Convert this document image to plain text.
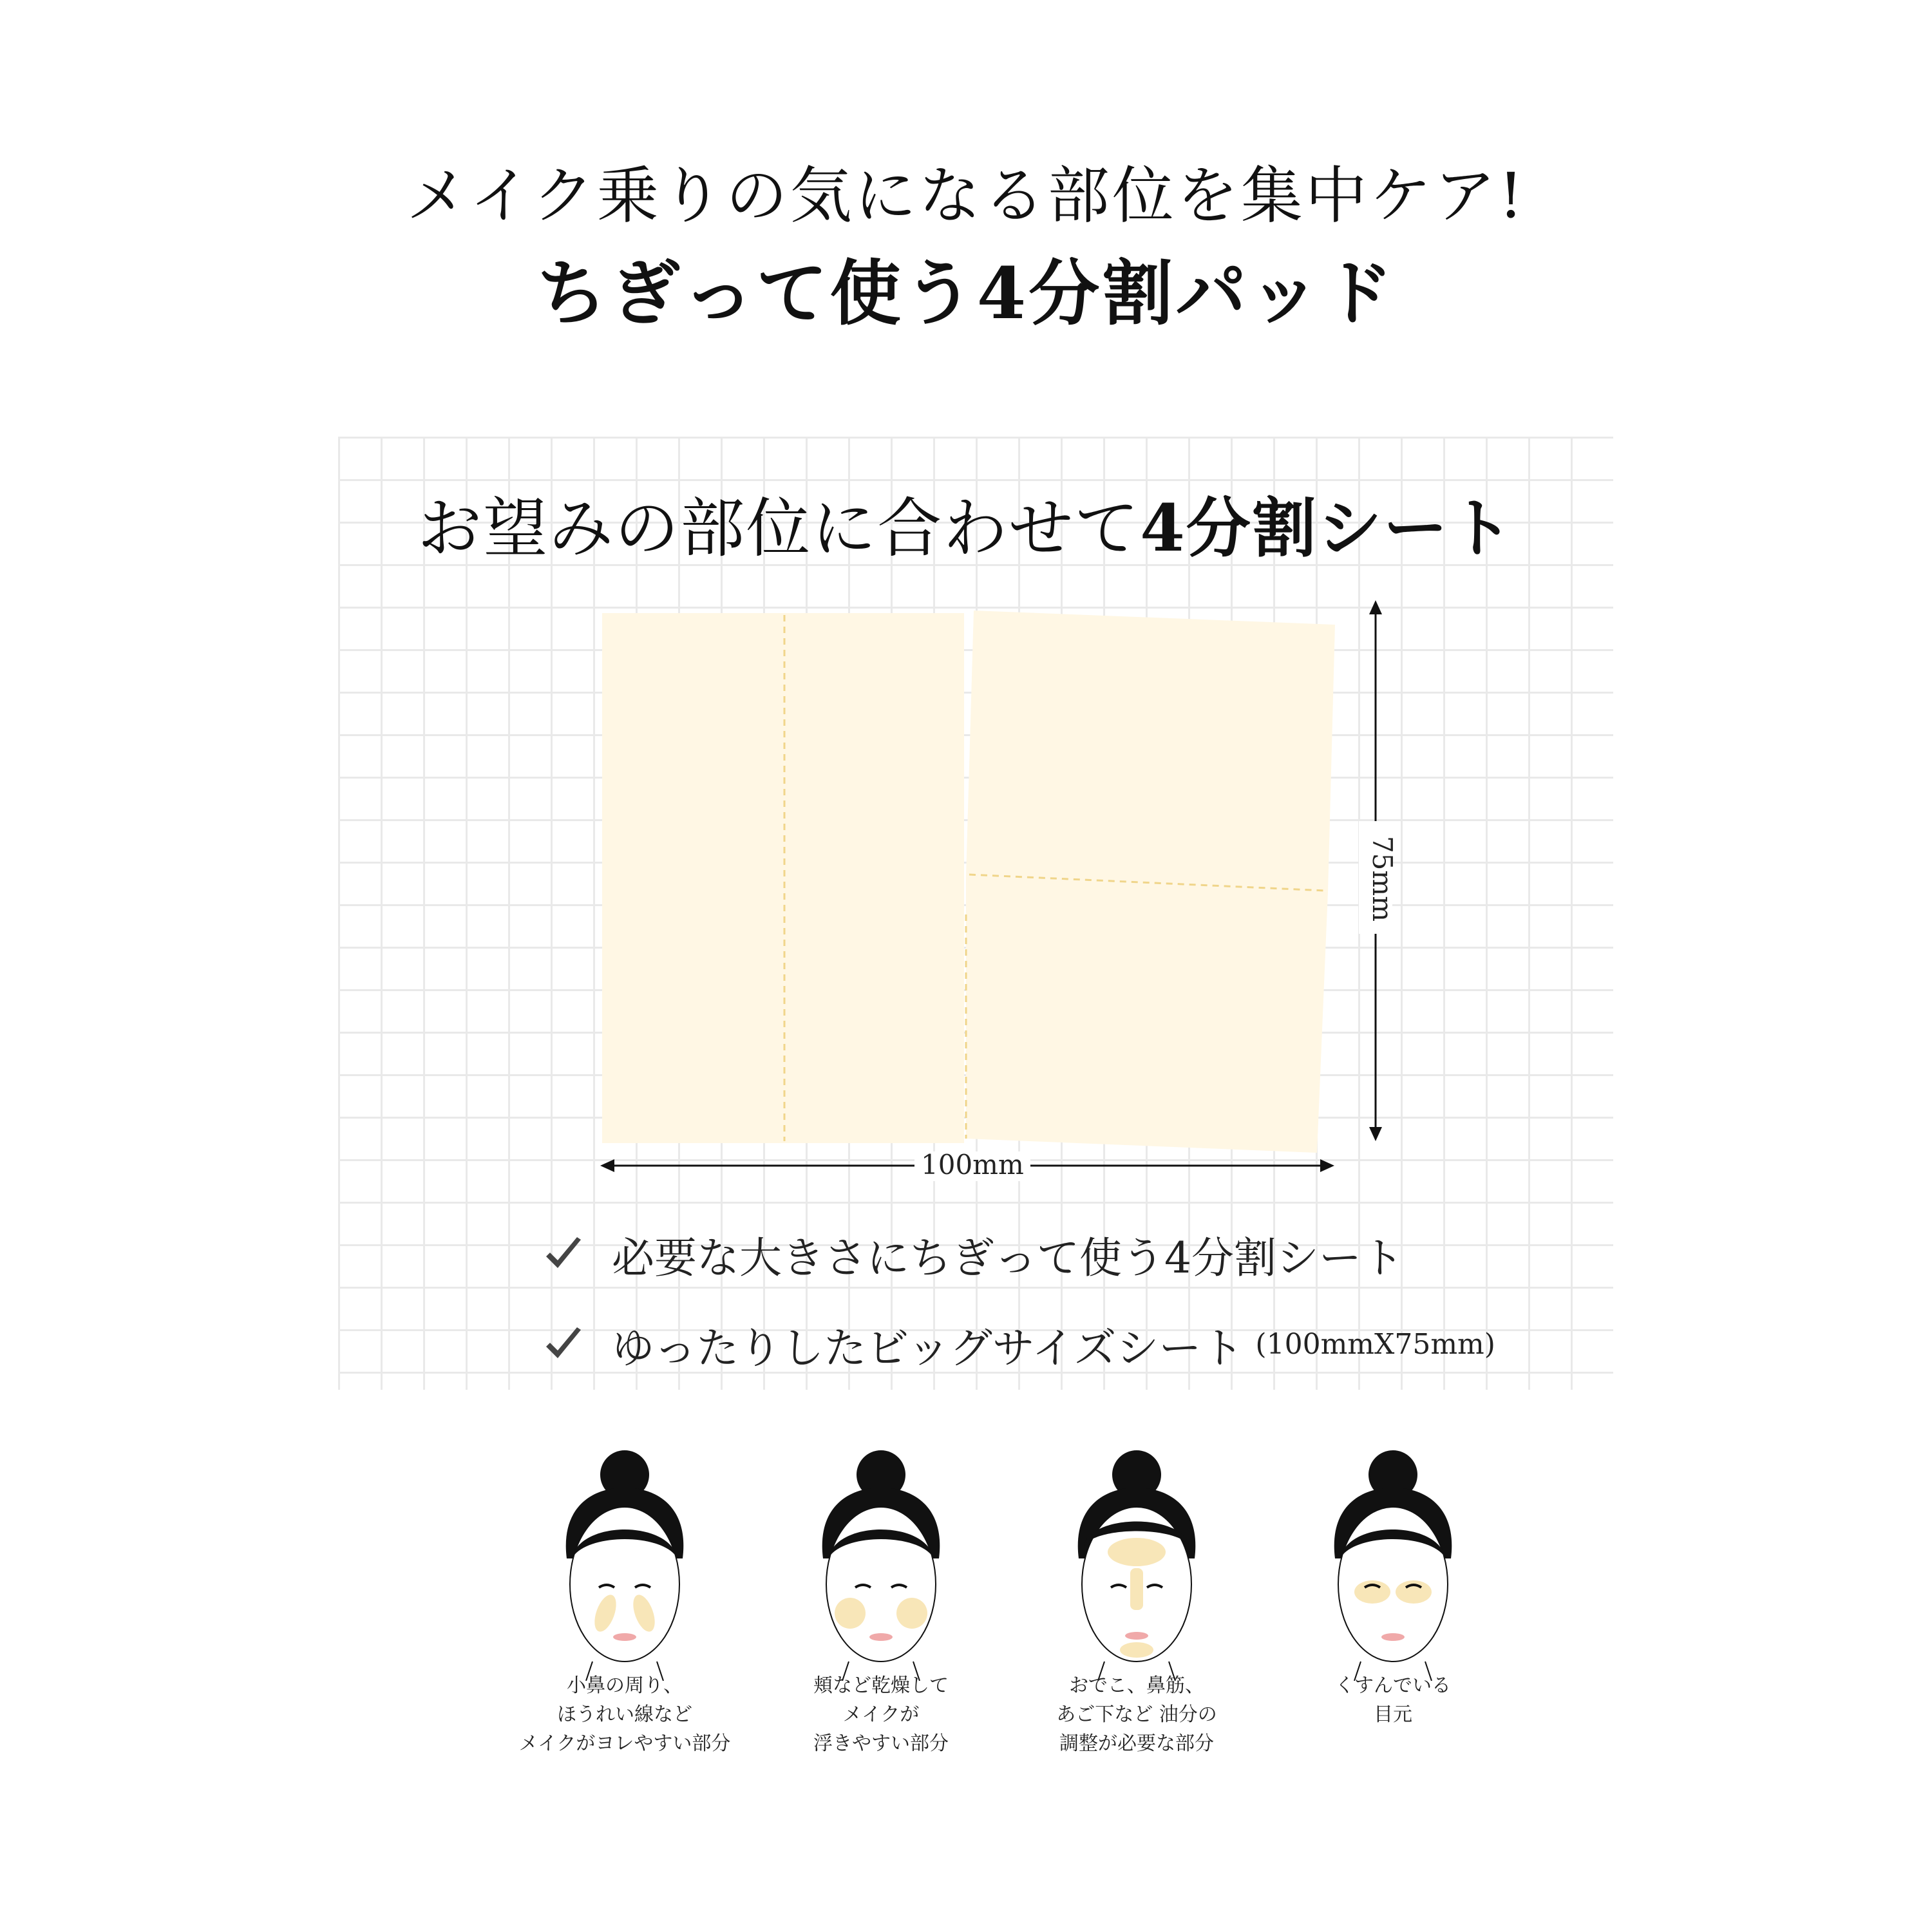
メイク乗りの気になる部位を集中ケア!
ちぎって使う4分割パッド
お望みの部位に合わせて4分割シート
75mm
100mm
必要な大きさにちぎって使う4分割シート
ゆったりしたビッグサイズシート (100mmX75mm)
小鼻の周り、
ほうれい線など
メイクがヨレやすい部分
頬など乾燥して
メイクが
浮きやすい部分
おでこ、鼻筋、
あご下など 油分の
調整が必要な部分
くすんでいる
目元
